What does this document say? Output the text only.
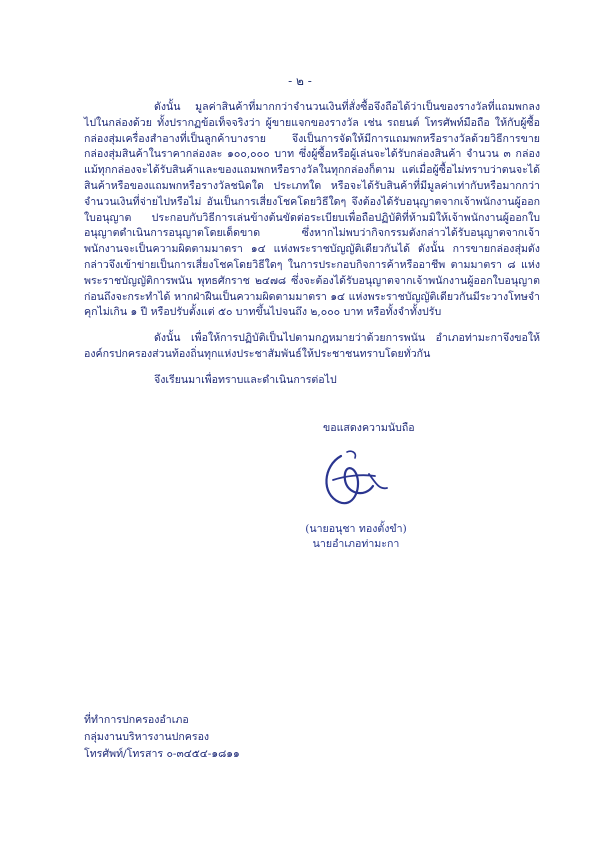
- ๒ -

ดังนั้น มูลค่าสินค้าที่มากกว่าจำนวนเงินที่สั่งซื้อจึงถือได้ว่าเป็นของรางวัลที่แถมพกลงไปในกล่องด้วย ทั้งปรากฏข้อเท็จจริงว่า ผู้ขายแจกของรางวัล เช่น รถยนต์ โทรศัพท์มือถือ ให้กับผู้ซื้อกล่องสุ่มเครื่องสำอางที่เป็นลูกค้าบางราย จึงเป็นการจัดให้มีการแถมพกหรือรางวัลด้วยวิธีการขายกล่องสุ่มสินค้าในราคากล่องละ ๑๐๐,๐๐๐ บาท ซึ่งผู้ซื้อหรือผู้เล่นจะได้รับกล่องสินค้า จำนวน ๓ กล่อง แม้ทุกกล่องจะได้รับสินค้าและของแถมพกหรือรางวัลในทุกกล่องก็ตาม แต่เมื่อผู้ซื้อไม่ทราบว่าตนจะได้สินค้าหรือของแถมพกหรือรางวัลชนิดใด ประเภทใด หรือจะได้รับสินค้าที่มีมูลค่าเท่ากับหรือมากกว่าจำนวนเงินที่จ่ายไปหรือไม่ อันเป็นการเสี่ยงโชคโดยวิธีใดๆ จึงต้องได้รับอนุญาตจากเจ้าพนักงานผู้ออกใบอนุญาต ประกอบกับวิธีการเล่นข้างต้นขัดต่อระเบียบเพื่อถือปฏิบัติที่ห้ามมิให้เจ้าพนักงานผู้ออกใบอนุญาตดำเนินการอนุญาตโดยเด็ดขาด ซึ่งหากไม่พบว่ากิจกรรมดังกล่าวได้รับอนุญาตจากเจ้าพนักงานจะเป็นความผิดตามมาตรา ๑๔ แห่งพระราชบัญญัติเดียวกันได้ ดังนั้น การขายกล่องสุ่มดังกล่าวจึงเข้าข่ายเป็นการเสี่ยงโชคโดยวิธีใดๆ ในการประกอบกิจการค้าหรืออาชีพ ตามมาตรา ๘ แห่งพระราชบัญญัติการพนัน พุทธศักราช ๒๔๗๘ ซึ่งจะต้องได้รับอนุญาตจากเจ้าพนักงานผู้ออกใบอนุญาตก่อนถึงจะกระทำได้ หากฝ่าฝืนเป็นความผิดตามมาตรา ๑๔ แห่งพระราชบัญญัติเดียวกันมีระวางโทษจำคุกไม่เกิน ๑ ปี หรือปรับตั้งแต่ ๕๐ บาทขึ้นไปจนถึง ๒,๐๐๐ บาท หรือทั้งจำทั้งปรับ

ดังนั้น เพื่อให้การปฏิบัติเป็นไปตามกฎหมายว่าด้วยการพนัน อำเภอท่ามะกาจึงขอให้องค์กรปกครองส่วนท้องถิ่นทุกแห่งประชาสัมพันธ์ให้ประชาชนทราบโดยทั่วกัน

จึงเรียนมาเพื่อทราบและดำเนินการต่อไป

ขอแสดงความนับถือ
(นายอนุชา ทองตั้งขำ)
นายอำเภอท่ามะกา
ที่ทำการปกครองอำเภอ
กลุ่มงานบริหารงานปกครอง
โทรศัพท์/โทรสาร ๐-๓๔๕๔-๑๘๑๑
